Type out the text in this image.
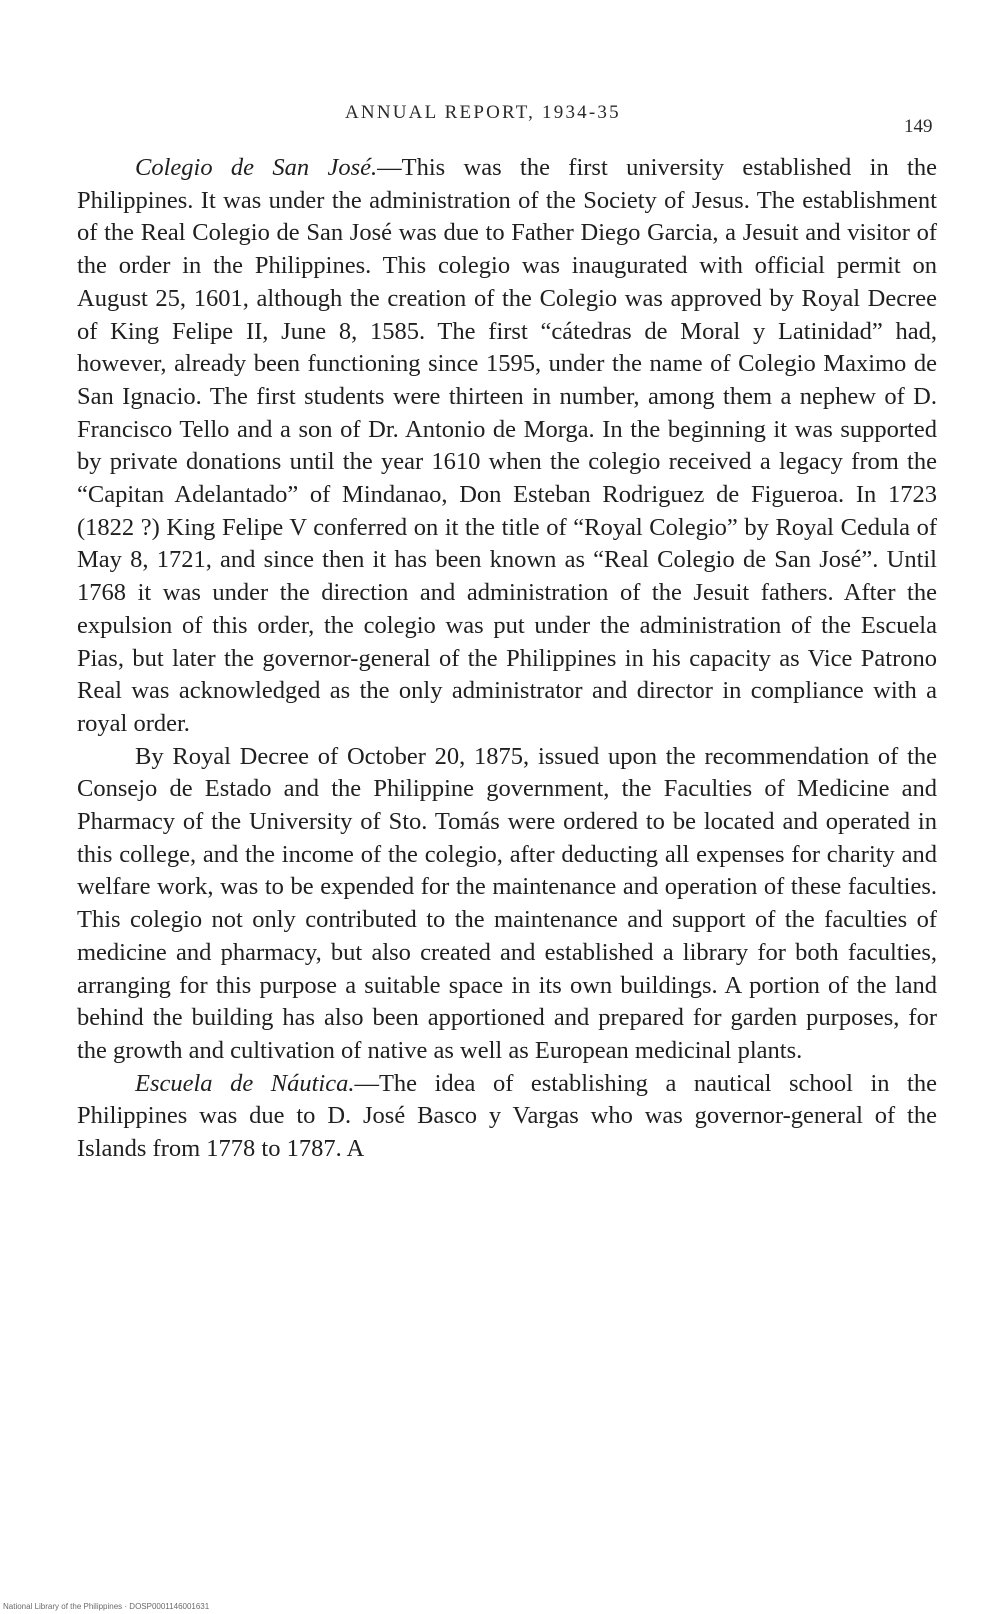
ANNUAL REPORT, 1934-35
149

Colegio de San José.—This was the first university established in the Philippines. It was under the administration of the Society of Jesus. The establishment of the Real Colegio de San José was due to Father Diego Garcia, a Jesuit and visitor of the order in the Philippines. This colegio was inaugurated with official permit on August 25, 1601, although the creation of the Colegio was approved by Royal Decree of King Felipe II, June 8, 1585. The first “cátedras de Moral y Latinidad” had, however, already been functioning since 1595, under the name of Colegio Maximo de San Ignacio. The first students were thirteen in number, among them a nephew of D. Francisco Tello and a son of Dr. Antonio de Morga. In the beginning it was supported by private donations until the year 1610 when the colegio received a legacy from the “Capitan Adelantado” of Mindanao, Don Esteban Rodriguez de Figueroa. In 1723 (1822 ?) King Felipe V conferred on it the title of “Royal Colegio” by Royal Cedula of May 8, 1721, and since then it has been known as “Real Colegio de San José”. Until 1768 it was under the direction and administration of the Jesuit fathers. After the expulsion of this order, the colegio was put under the administration of the Escuela Pias, but later the governor-general of the Philippines in his capacity as Vice Patrono Real was acknowledged as the only administrator and director in compliance with a royal order.

By Royal Decree of October 20, 1875, issued upon the recommendation of the Consejo de Estado and the Philippine government, the Faculties of Medicine and Pharmacy of the University of Sto. Tomás were ordered to be located and operated in this college, and the income of the colegio, after deducting all expenses for charity and welfare work, was to be expended for the maintenance and operation of these faculties. This colegio not only contributed to the maintenance and support of the faculties of medicine and pharmacy, but also created and established a library for both faculties, arranging for this purpose a suitable space in its own buildings. A portion of the land behind the building has also been apportioned and prepared for garden purposes, for the growth and cultivation of native as well as European medicinal plants.

Escuela de Náutica.—The idea of establishing a nautical school in the Philippines was due to D. José Basco y Vargas who was governor-general of the Islands from 1778 to 1787. A

National Library of the Philippines · DOSP0001146001631
